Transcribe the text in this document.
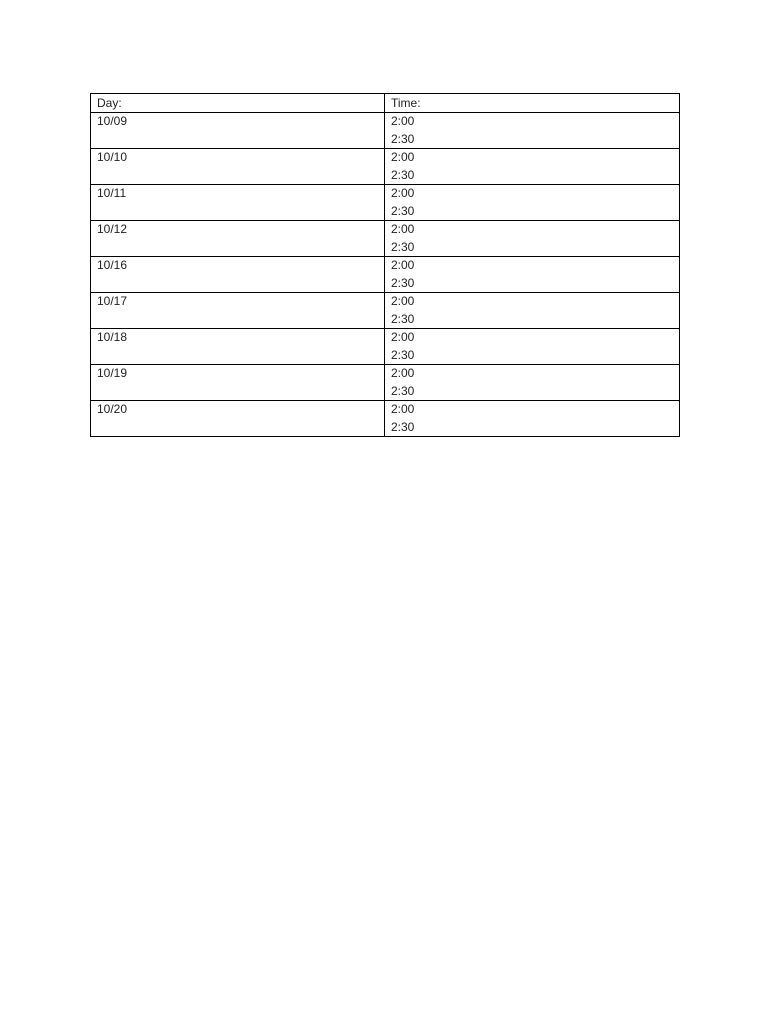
Day:	Time:

10/09	2:00
2:30

10/10	2:00
2:30

10/11	2:00
2:30

10/12	2:00
2:30

10/16	2:00
2:30

10/17	2:00
2:30

10/18	2:00
2:30

10/19	2:00
2:30

10/20	2:00
2:30
